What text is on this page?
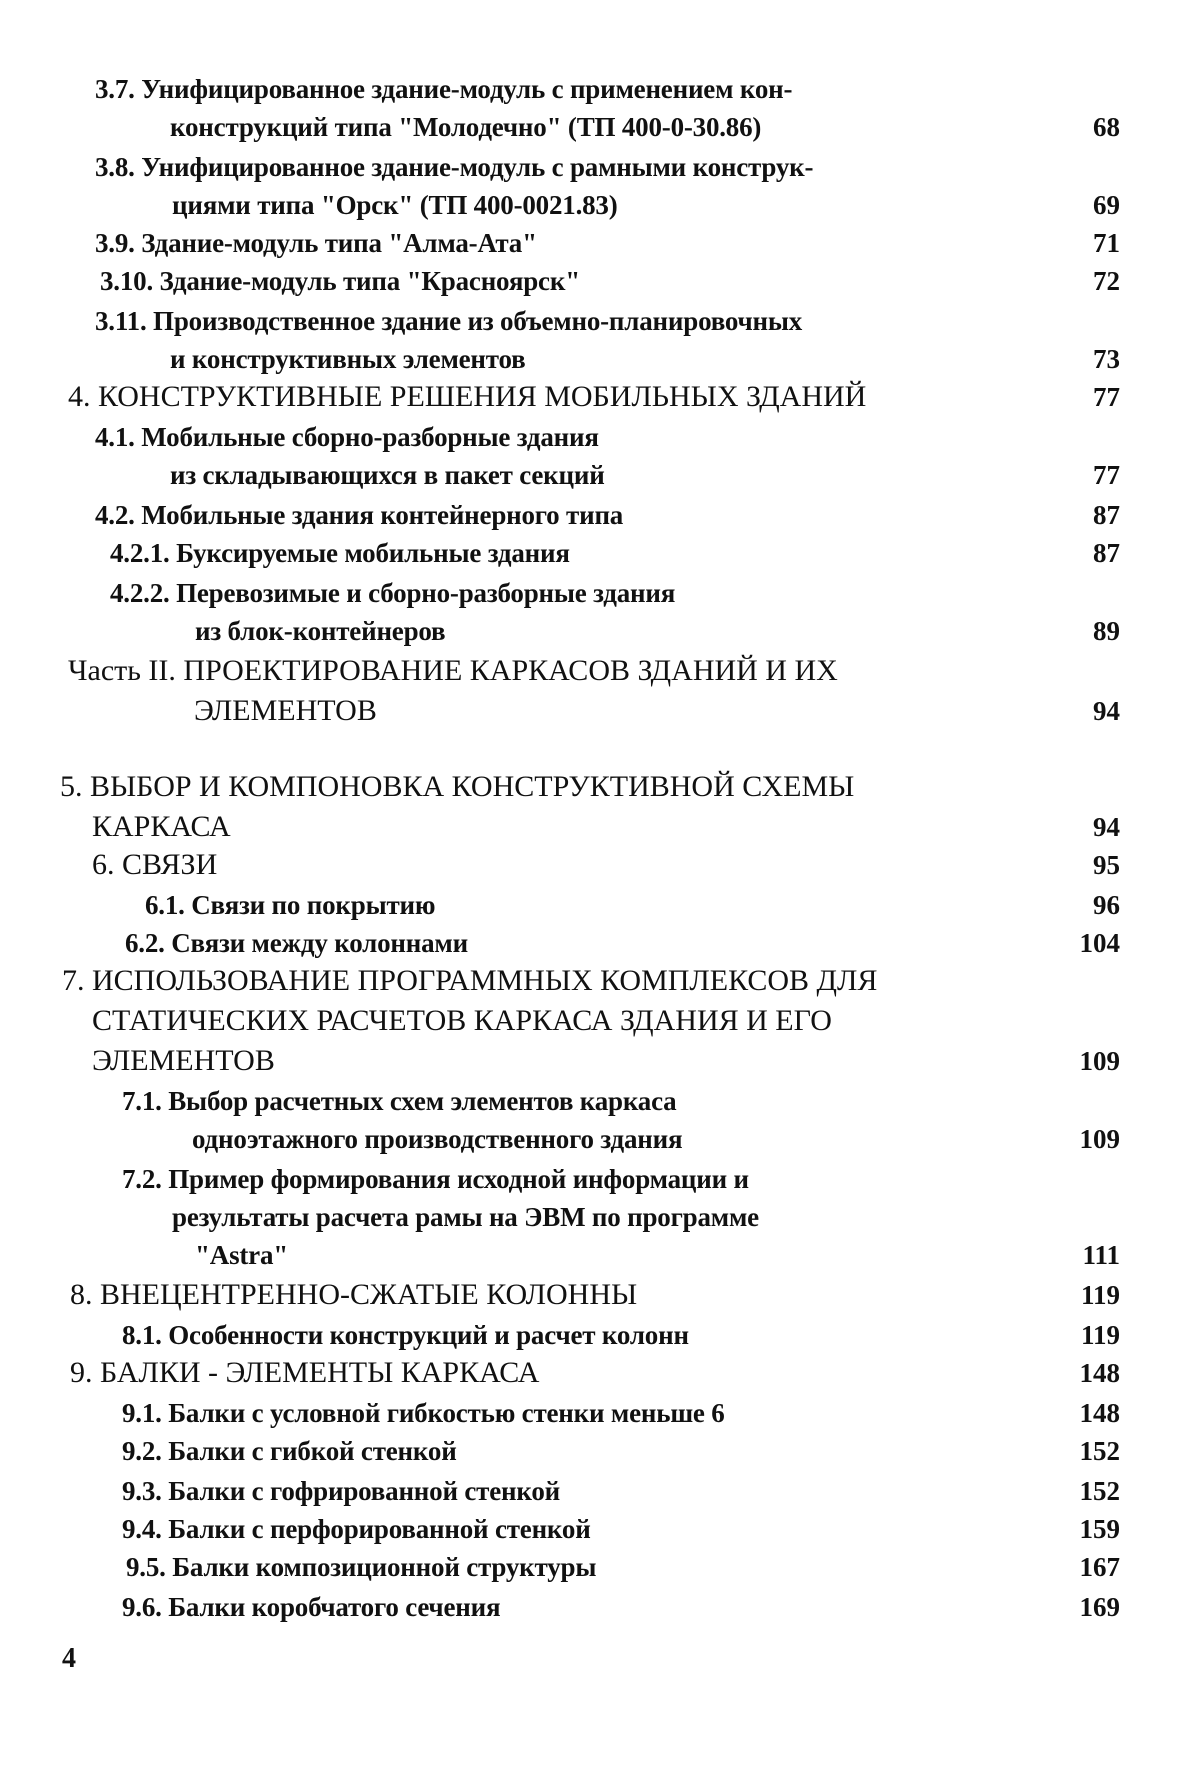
3.7. Унифицированное здание-модуль с применением кон-
конструкций типа "Молодечно" (ТП 400-0-30.86)	68
3.8. Унифицированное здание-модуль с рамными конструк-
циями типа "Орск" (ТП 400-0021.83)	69
3.9. Здание-модуль типа "Алма-Ата"	71
3.10. Здание-модуль типа "Красноярск"	72
3.11. Производственное здание из объемно-планировочных
и конструктивных элементов	73
4. КОНСТРУКТИВНЫЕ РЕШЕНИЯ МОБИЛЬНЫХ ЗДАНИЙ	77
4.1. Мобильные сборно-разборные здания
из складывающихся в пакет секций	77
4.2. Мобильные здания контейнерного типа	87
4.2.1. Буксируемые мобильные здания	87
4.2.2. Перевозимые и сборно-разборные здания
из блок-контейнеров	89
Часть II. ПРОЕКТИРОВАНИЕ КАРКАСОВ ЗДАНИЙ И ИХ
ЭЛЕМЕНТОВ	94
5. ВЫБОР И КОМПОНОВКА КОНСТРУКТИВНОЙ СХЕМЫ
КАРКАСА	94
6. СВЯЗИ	95
6.1. Связи по покрытию	96
6.2. Связи между колоннами	104
7. ИСПОЛЬЗОВАНИЕ ПРОГРАММНЫХ КОМПЛЕКСОВ ДЛЯ
СТАТИЧЕСКИХ РАСЧЕТОВ КАРКАСА ЗДАНИЯ И ЕГО
ЭЛЕМЕНТОВ	109
7.1. Выбор расчетных схем элементов каркаса
одноэтажного производственного здания	109
7.2. Пример формирования исходной информации и
результаты расчета рамы на ЭВМ по программе
"Astra"	111
8. ВНЕЦЕНТРЕННО-СЖАТЫЕ КОЛОННЫ	119
8.1. Особенности конструкций и расчет колонн	119
9. БАЛКИ - ЭЛЕМЕНТЫ КАРКАСА	148
9.1. Балки с условной гибкостью стенки меньше 6	148
9.2. Балки с гибкой стенкой	152
9.3. Балки с гофрированной стенкой	152
9.4. Балки с перфорированной стенкой	159
9.5. Балки композиционной структуры	167
9.6. Балки коробчатого сечения	169
4
